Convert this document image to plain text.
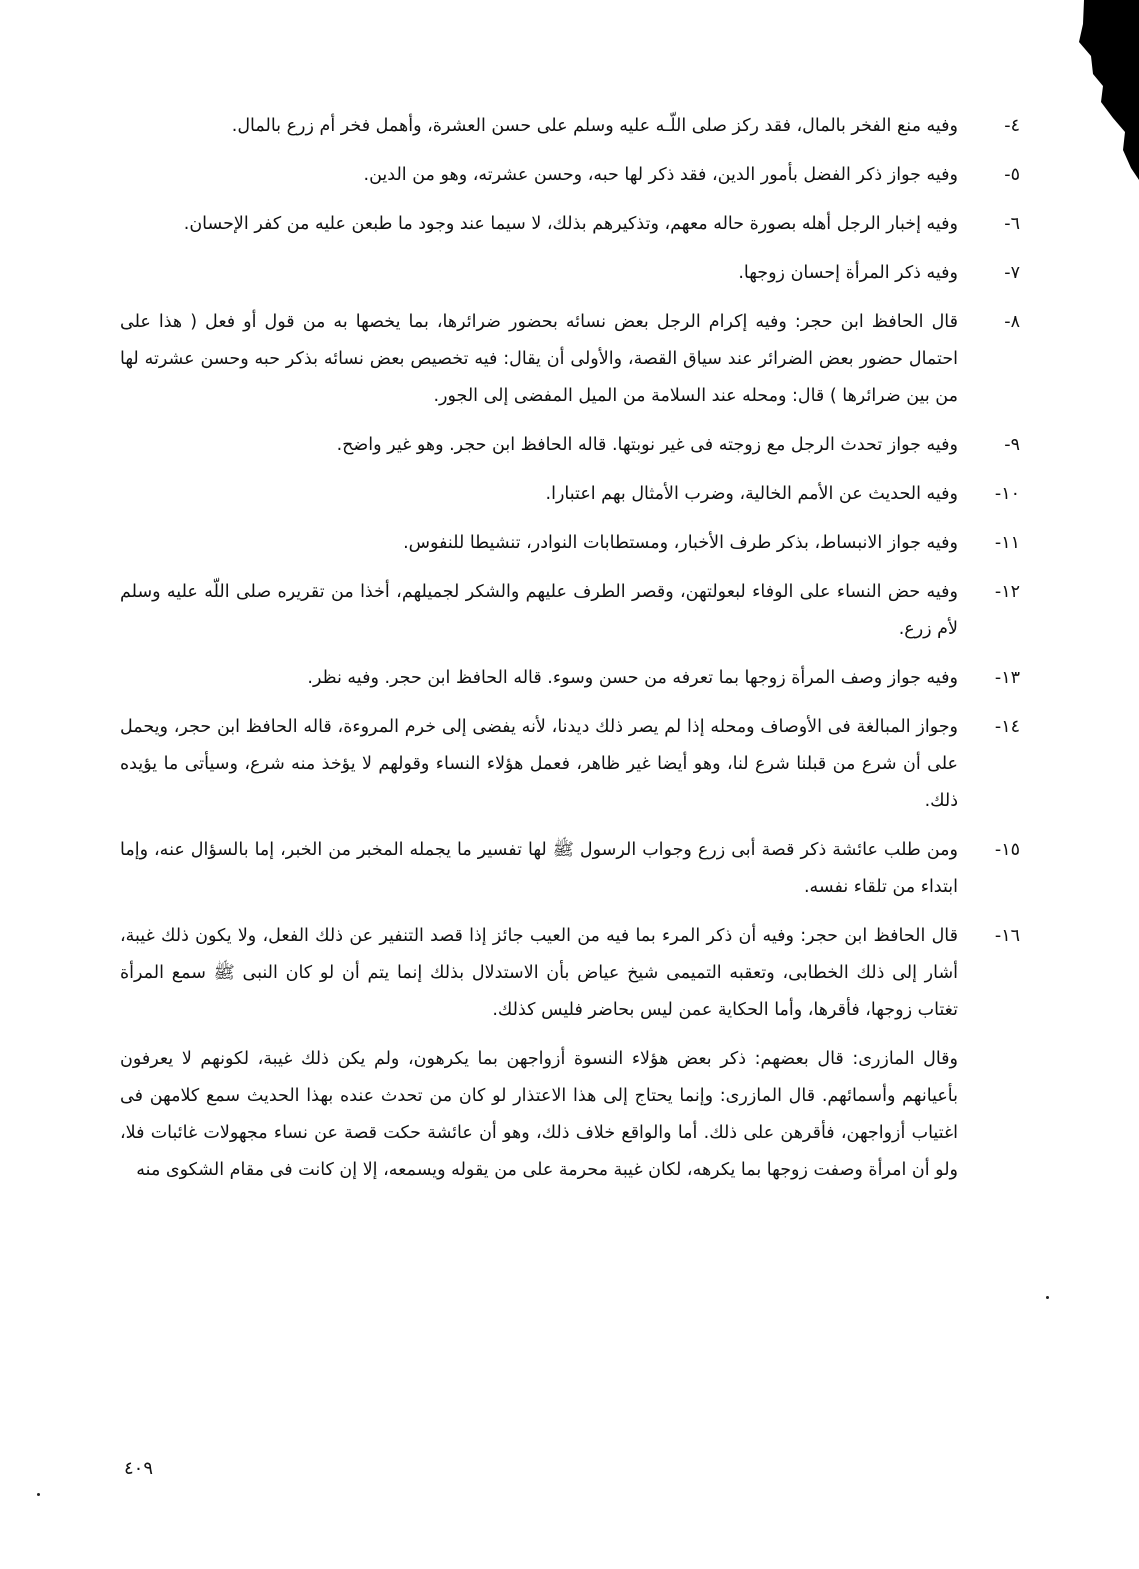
٤-
وفيه منع الفخر بالمال، فقد ركز صلى اللّـه عليه وسلم على حسن العشرة، وأهمل فخر أم زرع بالمال.
٥-
وفيه جواز ذكر الفضل بأمور الدين، فقد ذكر لها حبه، وحسن عشرته، وهو من الدين.
٦-
وفيه إخبار الرجل أهله بصورة حاله معهم، وتذكيرهم بذلك، لا سيما عند وجود ما طبعن عليه من كفر الإحسان.
٧-
وفيه ذكر المرأة إحسان زوجها.
٨-
قال الحافظ ابن حجر: وفيه إكرام الرجل بعض نسائه بحضور ضرائرها، بما يخصها به من قول أو فعل ( هذا على احتمال حضور بعض الضرائر عند سياق القصة، والأولى أن يقال: فيه تخصيص بعض نسائه بذكر حبه وحسن عشرته لها من بين ضرائرها ) قال: ومحله عند السلامة من الميل المفضى إلى الجور.
٩-
وفيه جواز تحدث الرجل مع زوجته فى غير نوبتها. قاله الحافظ ابن حجر. وهو غير واضح.
١٠-
وفيه الحديث عن الأمم الخالية، وضرب الأمثال بهم اعتبارا.
١١-
وفيه جواز الانبساط، بذكر طرف الأخبار، ومستطابات النوادر، تنشيطا للنفوس.
١٢-
وفيه حض النساء على الوفاء لبعولتهن، وقصر الطرف عليهم والشكر لجميلهم، أخذا من تقريره صلى اللّه عليه وسلم لأم زرع.
١٣-
وفيه جواز وصف المرأة زوجها بما تعرفه من حسن وسوء. قاله الحافظ ابن حجر. وفيه نظر.
١٤-
وجواز المبالغة فى الأوصاف ومحله إذا لم يصر ذلك ديدنا، لأنه يفضى إلى خرم المروءة، قاله الحافظ ابن حجر، ويحمل على أن شرع من قبلنا شرع لنا، وهو أيضا غير ظاهر، فعمل هؤلاء النساء وقولهم لا يؤخذ منه شرع، وسيأتى ما يؤيده ذلك.
١٥-
ومن طلب عائشة ذكر قصة أبى زرع وجواب الرسول ﷺ لها تفسير ما يجمله المخبر من الخبر، إما بالسؤال عنه، وإما ابتداء من تلقاء نفسه.
١٦-
قال الحافظ ابن حجر: وفيه أن ذكر المرء بما فيه من العيب جائز إذا قصد التنفير عن ذلك الفعل، ولا يكون ذلك غيبة، أشار إلى ذلك الخطابى، وتعقبه التميمى شيخ عياض بأن الاستدلال بذلك إنما يتم أن لو كان النبى ﷺ سمع المرأة تغتاب زوجها، فأقرها، وأما الحكاية عمن ليس بحاضر فليس كذلك.
وقال المازرى: قال بعضهم: ذكر بعض هؤلاء النسوة أزواجهن بما يكرهون، ولم يكن ذلك غيبة، لكونهم لا يعرفون بأعيانهم وأسمائهم. قال المازرى: وإنما يحتاج إلى هذا الاعتذار لو كان من تحدث عنده بهذا الحديث سمع كلامهن فى اغتياب أزواجهن، فأقرهن على ذلك. أما والواقع خلاف ذلك، وهو أن عائشة حكت قصة عن نساء مجهولات غائبات فلا، ولو أن امرأة وصفت زوجها بما يكرهه، لكان غيبة محرمة على من يقوله ويسمعه، إلا إن كانت فى مقام الشكوى منه
٤٠٩
